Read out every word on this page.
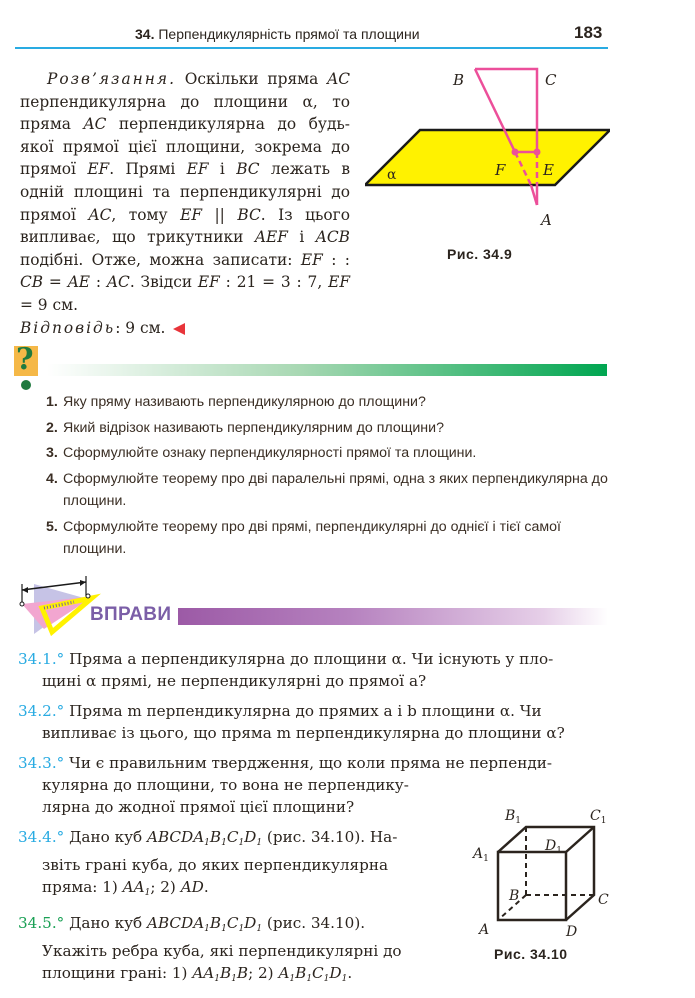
34. Перпендикулярність прямої та площини	183

Розв’язання. Оскільки пряма AC перпендикулярна до площини α, то пряма AC перпендикулярна до будь-якої прямої цієї площини, зокрема до прямої EF. Прямі EF і BC лежать в одній площині та перпендикулярні до прямої AC, тому EF || BC. Із цього випливає, що трикутники AEF і ACB подібні. Отже, можна записати: EF : : CB = AE : AC. Звідси EF : 21 = 3 : 7, EF = 9 см.

Відповідь: 9 см.

B	C
F	E
A
α
Рис. 34.9
?
1. Яку пряму називають перпендикулярною до площини?
2. Який відрізок називають перпендикулярним до площини?
3. Сформулюйте ознаку перпендикулярності прямої та площини.
4. Сформулюйте теорему про дві паралельні прямі, одна з яких перпендикулярна до площини.
5. Сформулюйте теорему про дві прямі, перпендикулярні до однієї і тієї самої площини.
ВПРАВИ
34.1.° Пряма a перпендикулярна до площини α. Чи існують у пло-
щині α прямі, не перпендикулярні до прямої a?
34.2.° Пряма m перпендикулярна до прямих a і b площини α. Чи
випливає із цього, що пряма m перпендикулярна до площини α?
34.3.° Чи є правильним твердження, що коли пряма не перпенди-
кулярна до площини, то вона не перпендику-
лярна до жодної прямої цієї площини?
34.4.° Дано куб $ABCDA_1B_1C_1D_1$ (рис. 34.10). На-
звіть грані куба, до яких перпендикулярна
пряма: 1) $AA_1$; 2) AD.
34.5.° Дано куб $ABCDA_1B_1C_1D_1$ (рис. 34.10).
Укажіть ребра куба, які перпендикулярні до
площини грані: 1) $AA_1B_1B$; 2) $A_1B_1C_1D_1$.
$B_1$	$C_1$
$D_1$
$A_1$
B	C
A	D
Рис. 34.10
